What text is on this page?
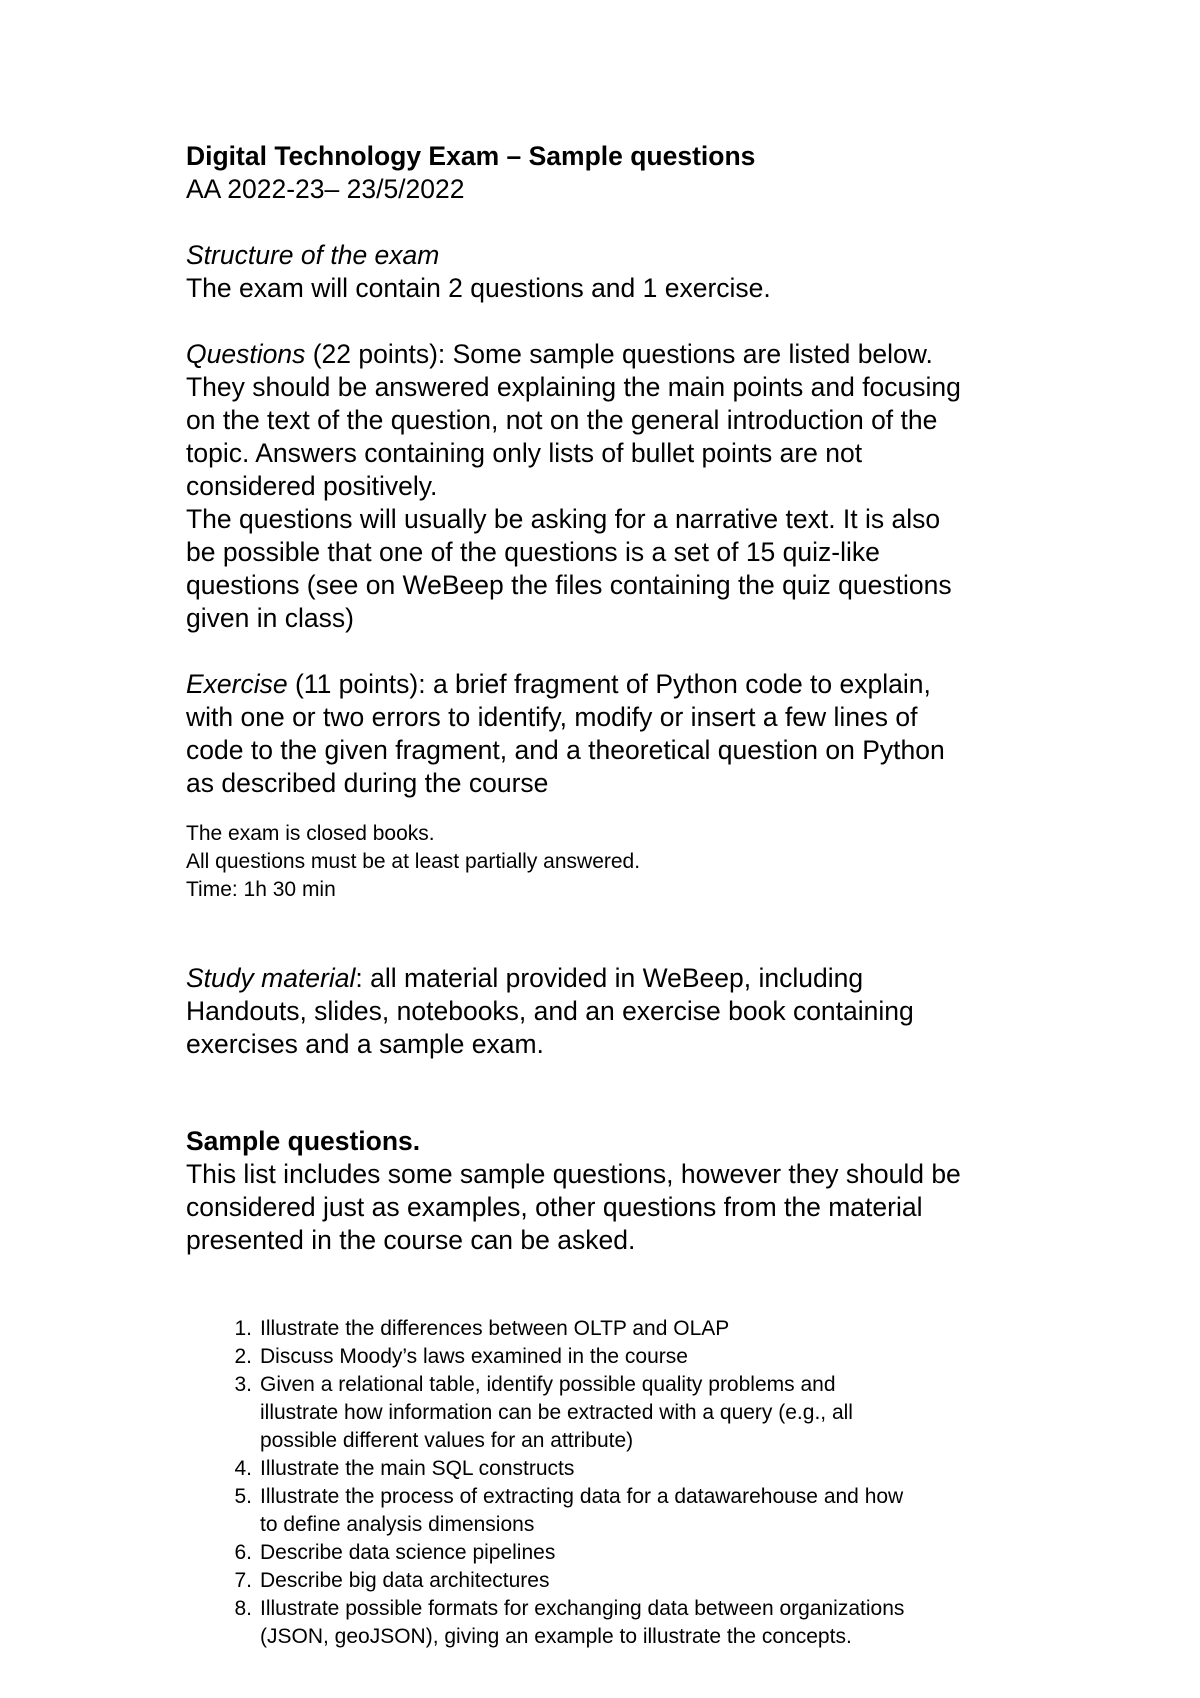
Digital Technology Exam – Sample questions

AA 2022-23– 23/5/2022

Structure of the exam

The exam will contain 2 questions and 1 exercise.

Questions (22 points): Some sample questions are listed below.

They should be answered explaining the main points and focusing

on the text of the question, not on the general introduction of the

topic. Answers containing only lists of bullet points are not

considered positively.

The questions will usually be asking for a narrative text. It is also

be possible that one of the questions is a set of 15 quiz-like

questions (see on WeBeep the files containing the quiz questions

given in class)

Exercise (11 points): a brief fragment of Python code to explain,

with one or two errors to identify, modify or insert a few lines of

code to the given fragment, and a theoretical question on Python

as described during the course

The exam is closed books.

All questions must be at least partially answered.

Time: 1h 30 min

Study material: all material provided in WeBeep, including

Handouts, slides, notebooks, and an exercise book containing

exercises and a sample exam.

Sample questions.

This list includes some sample questions, however they should be

considered just as examples, other questions from the material

presented in the course can be asked.

1. Illustrate the differences between OLTP and OLAP
2. Discuss Moody’s laws examined in the course
3. Given a relational table, identify possible quality problems and
illustrate how information can be extracted with a query (e.g., all
possible different values for an attribute)
4. Illustrate the main SQL constructs
5. Illustrate the process of extracting data for a datawarehouse and how
to define analysis dimensions
6. Describe data science pipelines
7. Describe big data architectures
8. Illustrate possible formats for exchanging data between organizations
(JSON, geoJSON), giving an example to illustrate the concepts.
